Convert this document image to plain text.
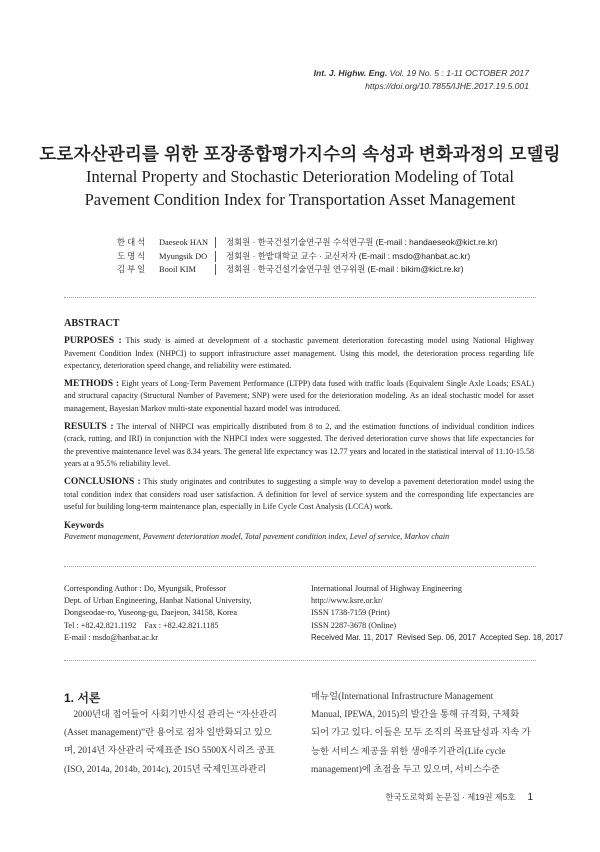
Int. J. Highw. Eng. Vol. 19 No. 5 : 1-11 OCTOBER 2017
https://doi.org/10.7855/IJHE.2017.19.5.001
도로자산관리를 위한 포장종합평가지수의 속성과 변화과정의 모델링
Internal Property and Stochastic Deterioration Modeling of Total Pavement Condition Index for Transportation Asset Management
한대석	Daeseok HAN	정회원 · 한국건설기술연구원 수석연구원 (E-mail : handaeseok@kict.re.kr)
도명식	Myungsik DO	정회원 · 한밭대학교 교수 · 교신저자 (E-mail : msdo@hanbat.ac.kr)
김부일	Booil KIM	정회원 · 한국건설기술연구원 연구위원 (E-mail : bikim@kict.re.kr)
ABSTRACT
PURPOSES : This study is aimed at development of a stochastic pavement deterioration forecasting model using National Highway Pavement Condition Index (NHPCI) to support infrastructure asset management. Using this model, the deterioration process regarding life expectancy, deterioration speed change, and reliability were estimated.
METHODS : Eight years of Long-Term Pavement Performance (LTPP) data fused with traffic loads (Equivalent Single Axle Loads; ESAL) and structural capacity (Structural Number of Pavement; SNP) were used for the deterioration modeling. As an ideal stochastic model for asset management, Bayesian Markov multi-state exponential hazard model was introduced.
RESULTS : The interval of NHPCI was empirically distributed from 8 to 2, and the estimation functions of individual condition indices (crack, rutting, and IRI) in conjunction with the NHPCI index were suggested. The derived deterioration curve shows that life expectancies for the preventive maintenance level was 8.34 years. The general life expectancy was 12.77 years and located in the statistical interval of 11.10-15.58 years at a 95.5% reliability level.
CONCLUSIONS : This study originates and contributes to suggesting a simple way to develop a pavement deterioration model using the total condition index that considers road user satisfaction. A definition for level of service system and the corresponding life expectancies are useful for building long-term maintenance plan, especially in Life Cycle Cost Analysis (LCCA) work.
Keywords
Pavement management, Pavement deterioration model, Total pavement condition index, Level of service, Markov chain
Corresponding Author : Do, Myungsik, Professor
Dept. of Urban Engineering, Hanbat National University,
Dongseodae-ro, Yuseong-gu, Daejeon, 34158, Korea
Tel : +82.42.821.1192    Fax : +82.42.821.1185
E-mail : msdo@hanbat.ac.kr
International Journal of Highway Engineering
http://www.ksre.or.kr/
ISSN 1738-7159 (Print)
ISSN 2287-3678 (Online)
Received Mar. 11, 2017  Revised Sep. 06, 2017  Accepted Sep. 18, 2017
1. 서론
2000년대 접어들어 사회기반시설 관리는 “자산관리
(Asset management)”란 용어로 점차 일반화되고 있으
며, 2014년 자산관리 국제표준 ISO 5500X시리즈 공표
(ISO, 2014a, 2014b, 2014c), 2015년 국제인프라관리
매뉴얼(International Infrastructure Management
Manual, IPEWA, 2015)의 발간을 통해 규격화, 구체화
되어 가고 있다. 이들은 모두 조직의 목표달성과 지속 가
능한 서비스 제공을 위한 생애주기관리(Life cycle
management)에 초점을 두고 있으며, 서비스수준
한국도로학회 논문집 · 제19권 제5호 1
